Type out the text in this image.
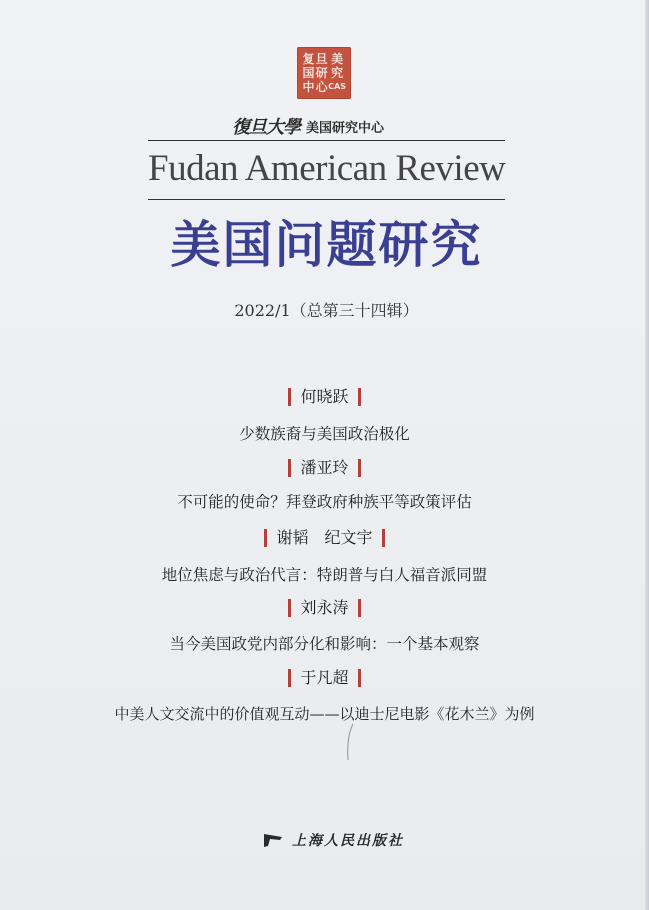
复 旦 美
国 研 究
中 心 CAS
復旦大學 美国研究中心
Fudan American Review
美国问题研究
2022/1（总第三十四辑）
何晓跃
少数族裔与美国政治极化
潘亚玲
不可能的使命？拜登政府种族平等政策评估
谢韬　纪文宇
地位焦虑与政治代言：特朗普与白人福音派同盟
刘永涛
当今美国政党内部分化和影响：一个基本观察
于凡超
中美人文交流中的价值观互动——以迪士尼电影《花木兰》为例
上海人民出版社
